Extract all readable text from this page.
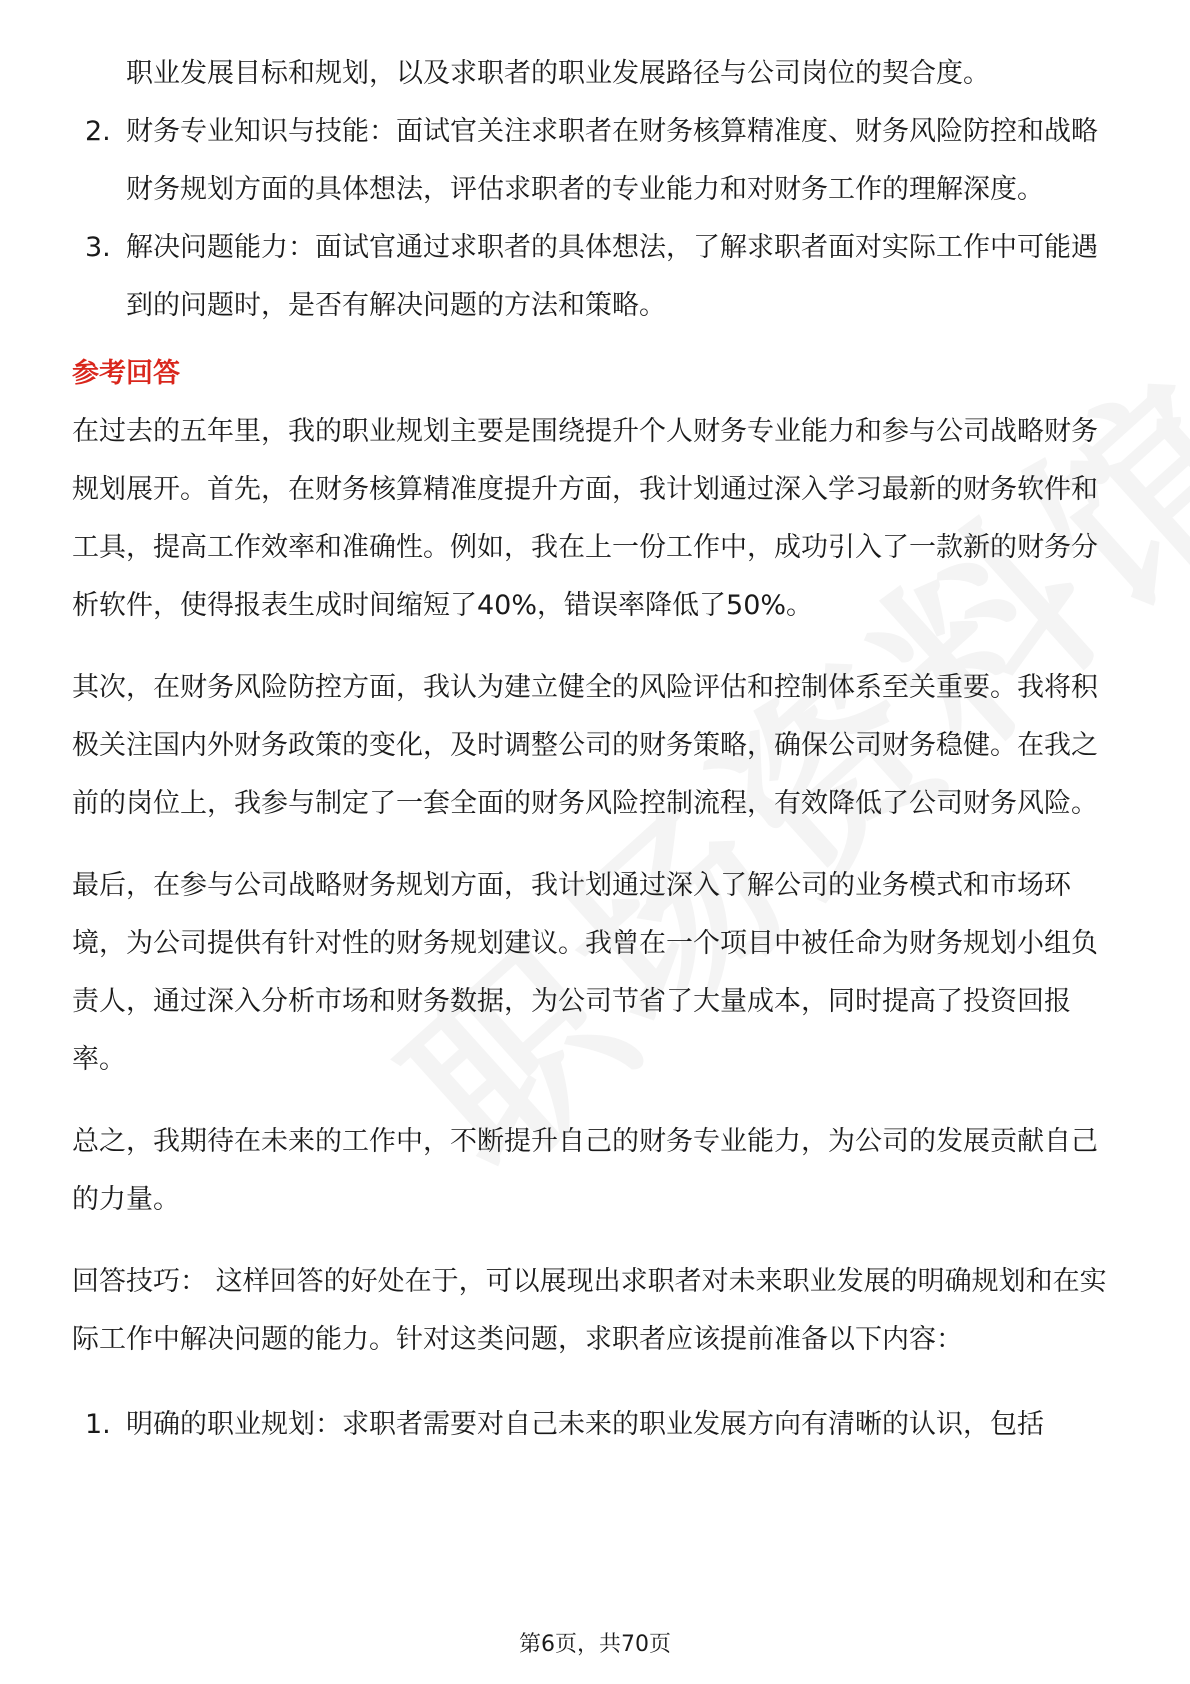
职业发展目标和规划，以及求职者的职业发展路径与公司岗位的契合度。
2. 财务专业知识与技能：面试官关注求职者在财务核算精准度、财务风险防控和战略财务规划方面的具体想法，评估求职者的专业能力和对财务工作的理解深度。
3. 解决问题能力：面试官通过求职者的具体想法，了解求职者面对实际工作中可能遇到的问题时，是否有解决问题的方法和策略。
参考回答

在过去的五年里，我的职业规划主要是围绕提升个人财务专业能力和参与公司战略财务规划展开。首先，在财务核算精准度提升方面，我计划通过深入学习最新的财务软件和工具，提高工作效率和准确性。例如，我在上一份工作中，成功引入了一款新的财务分析软件，使得报表生成时间缩短了40%，错误率降低了50%。

其次，在财务风险防控方面，我认为建立健全的风险评估和控制体系至关重要。我将积极关注国内外财务政策的变化，及时调整公司的财务策略，确保公司财务稳健。在我之前的岗位上，我参与制定了一套全面的财务风险控制流程，有效降低了公司财务风险。

最后，在参与公司战略财务规划方面，我计划通过深入了解公司的业务模式和市场环境，为公司提供有针对性的财务规划建议。我曾在一个项目中被任命为财务规划小组负责人，通过深入分析市场和财务数据，为公司节省了大量成本，同时提高了投资回报率。

总之，我期待在未来的工作中，不断提升自己的财务专业能力，为公司的发展贡献自己的力量。

回答技巧： 这样回答的好处在于，可以展现出求职者对未来职业发展的明确规划和在实际工作中解决问题的能力。针对这类问题，求职者应该提前准备以下内容：

1. 明确的职业规划：求职者需要对自己未来的职业发展方向有清晰的认识，包括
第6页，共70页
